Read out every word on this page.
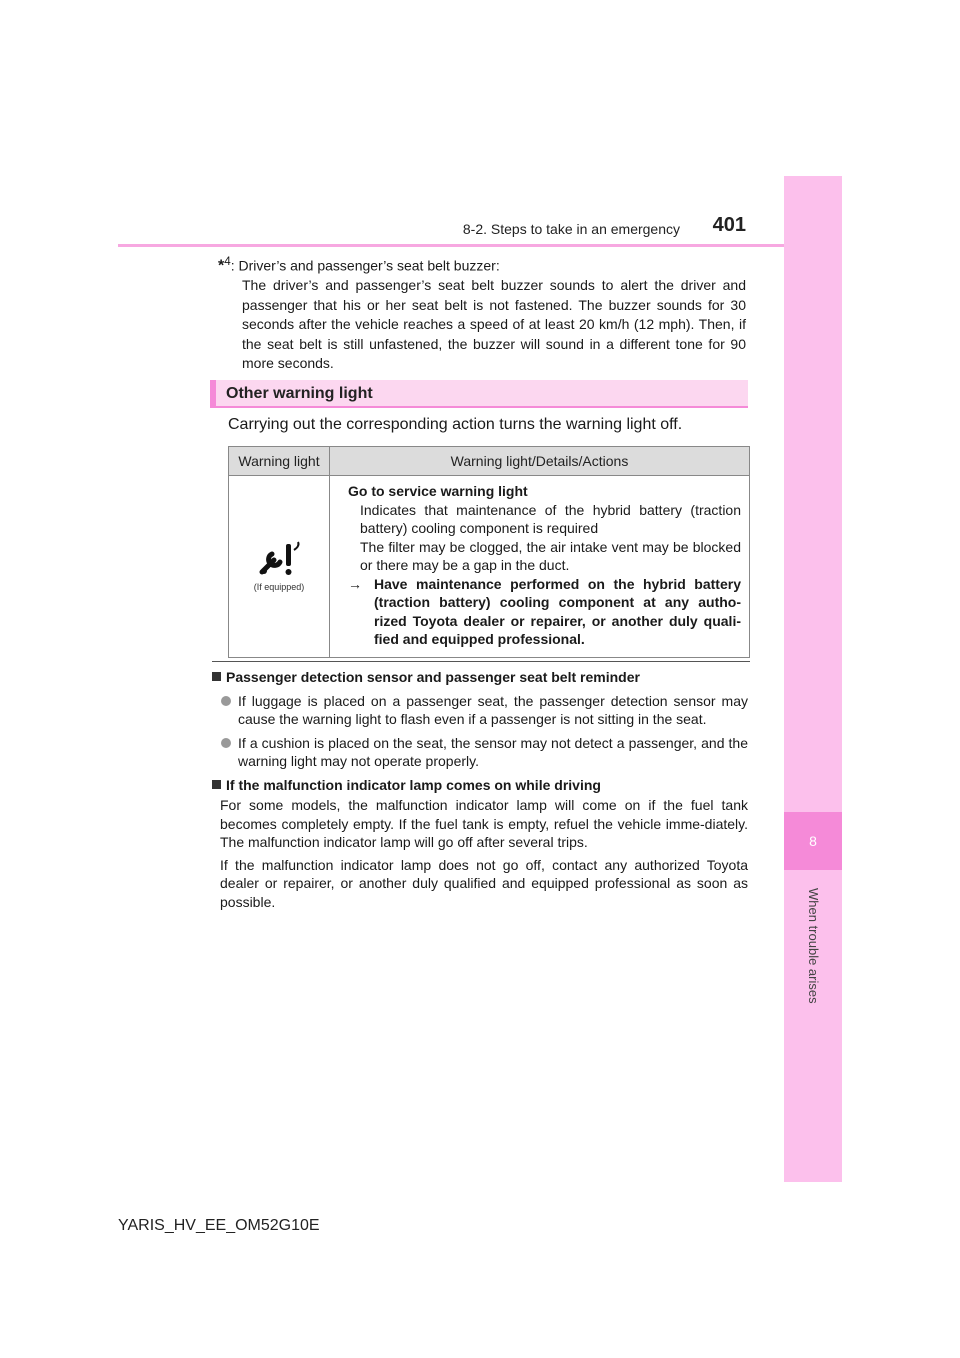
8
When trouble arises
8-2. Steps to take in an emergency 401
*$^4$: Driver’s and passenger’s seat belt buzzer:
The driver’s and passenger’s seat belt buzzer sounds to alert the driver and passenger that his or her seat belt is not fastened. The buzzer sounds for 30 seconds after the vehicle reaches a speed of at least 20 km/h (12 mph). Then, if the seat belt is still unfastened, the buzzer will sound in a different tone for 90 more seconds.
Other warning light
Carrying out the corresponding action turns the warning light off.
Warning light	Warning light/Details/Actions

(If equipped)	Go to service warning light
Indicates that maintenance of the hybrid battery (traction battery) cooling component is required
The filter may be clogged, the air intake vent may be blocked or there may be a gap in the duct.
→ Have maintenance performed on the hybrid battery (traction battery) cooling component at any autho-rized Toyota dealer or repairer, or another duly quali-fied and equipped professional.
Passenger detection sensor and passenger seat belt reminder
If luggage is placed on a passenger seat, the passenger detection sensor may cause the warning light to flash even if a passenger is not sitting in the seat.
If a cushion is placed on the seat, the sensor may not detect a passenger, and the warning light may not operate properly.
If the malfunction indicator lamp comes on while driving
For some models, the malfunction indicator lamp will come on if the fuel tank becomes completely empty. If the fuel tank is empty, refuel the vehicle imme-diately. The malfunction indicator lamp will go off after several trips.
If the malfunction indicator lamp does not go off, contact any authorized Toyota dealer or repairer, or another duly qualified and equipped professional as soon as possible.
YARIS_HV_EE_OM52G10E
